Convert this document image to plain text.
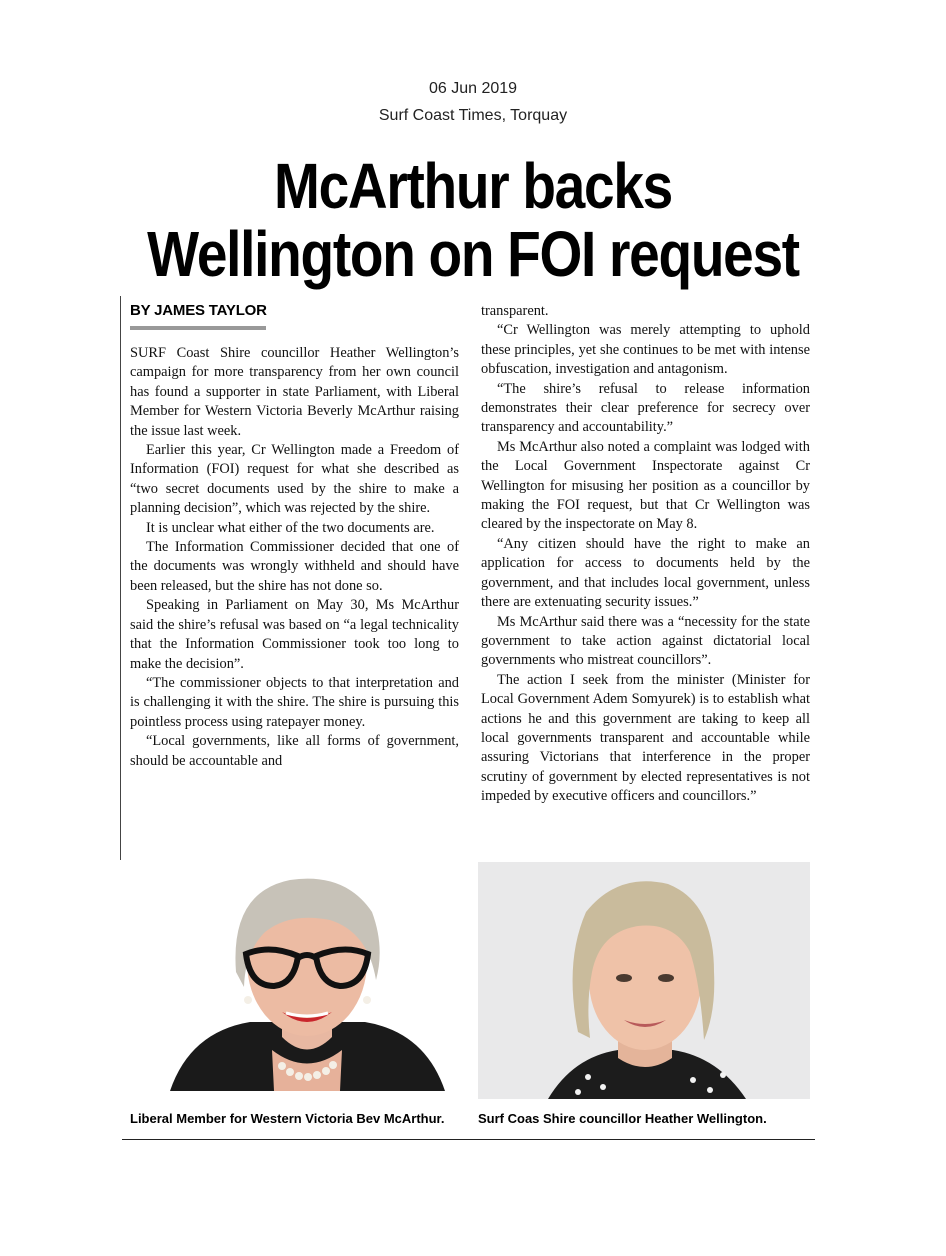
06 Jun 2019
Surf Coast Times, Torquay
McArthur backs
Wellington on FOI request
BY JAMES TAYLOR

SURF Coast Shire councillor Heather Wellington’s campaign for more transparency from her own council has found a supporter in state Parliament, with Liberal Member for Western Victoria Beverly McArthur raising the issue last week.

Earlier this year, Cr Wellington made a Freedom of Information (FOI) request for what she described as “two secret documents used by the shire to make a planning decision”, which was rejected by the shire.

It is unclear what either of the two documents are.

The Information Commissioner decided that one of the documents was wrongly withheld and should have been released, but the shire has not done so.

Speaking in Parliament on May 30, Ms McArthur said the shire’s refusal was based on “a legal technicality that the Information Commissioner took too long to make the decision”.

“The commissioner objects to that interpretation and is challenging it with the shire. The shire is pursuing this pointless process using ratepayer money.

“Local governments, like all forms of government, should be accountable and

transparent.

“Cr Wellington was merely attempting to uphold these principles, yet she continues to be met with intense obfuscation, investigation and antagonism.

“The shire’s refusal to release information demonstrates their clear preference for secrecy over transparency and accountability.”

Ms McArthur also noted a complaint was lodged with the Local Government Inspectorate against Cr Wellington for misusing her position as a councillor by making the FOI request, but that Cr Wellington was cleared by the inspectorate on May 8.

“Any citizen should have the right to make an application for access to documents held by the government, and that includes local government, unless there are extenuating security issues.”

Ms McArthur said there was a “necessity for the state government to take action against dictatorial local governments who mistreat councillors”.

The action I seek from the minister (Minister for Local Government Adem Somyurek) is to establish what actions he and this government are taking to keep all local governments transparent and accountable while assuring Victorians that interference in the proper scrutiny of government by elected representatives is not impeded by executive officers and councillors.”

Liberal Member for Western Victoria Bev McArthur.	Surf Coas Shire councillor Heather Wellington.
